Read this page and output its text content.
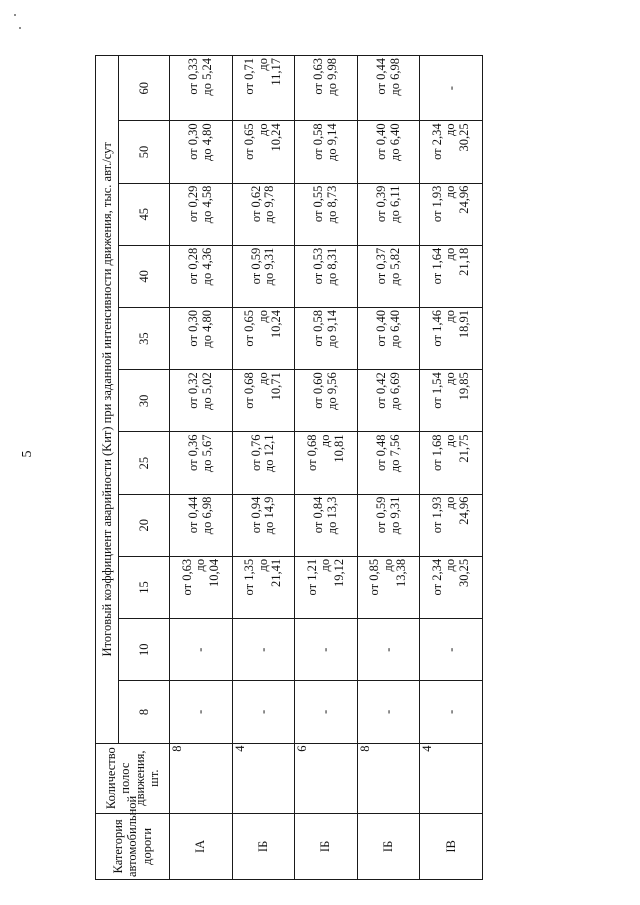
5
Категория
автомобильной
дороги	Количество
полос
движения,
шт.	Итоговый коэффициент аварийности (Kит) при заданной интенсивности движения, тыс. авт./сут										
		8	10	15	20	25	30	35	40	45	50	60
IA	8	-	-	от 0,63 до 10,04	от 0,44 до 6,98	от 0,36 до 5,67	от 0,32 до 5,02	от 0,30 до 4,80	от 0,28 до 4,36	от 0,29 до 4,58	от 0,30 до 4,80	от 0,33 до 5,24

IБ	4	-	-	от 1,35 до 21,41	от 0,94 до 14,9	от 0,76 до 12,1	от 0,68 до 10,71	от 0,65 до 10,24	от 0,59 до 9,31	от 0,62 до 9,78	от 0,65 до 10,24	от 0,71 до 11,17

IБ	6	-	-	от 1,21 до 19,12	от 0,84 до 13,3	от 0,68 до 10,81	от 0,60 до 9,56	от 0,58 до 9,14	от 0,53 до 8,31	от 0,55 до 8,73	от 0,58 до 9,14	от 0,63 до 9,98

IБ	8	-	-	от 0,85 до 13,38	от 0,59 до 9,31	от 0,48 до 7,56	от 0,42 до 6,69	от 0,40 до 6,40	от 0,37 до 5,82	от 0,39 до 6,11	от 0,40 до 6,40	от 0,44 до 6,98

IB	4	-	-	от 2,34 до 30,25	от 1,93 до 24,96	от 1,68 до 21,75	от 1,54 до 19,85	от 1,46 до 18,91	от 1,64 до 21,18	от 1,93 до 24,96	от 2,34 до 30,25	-
